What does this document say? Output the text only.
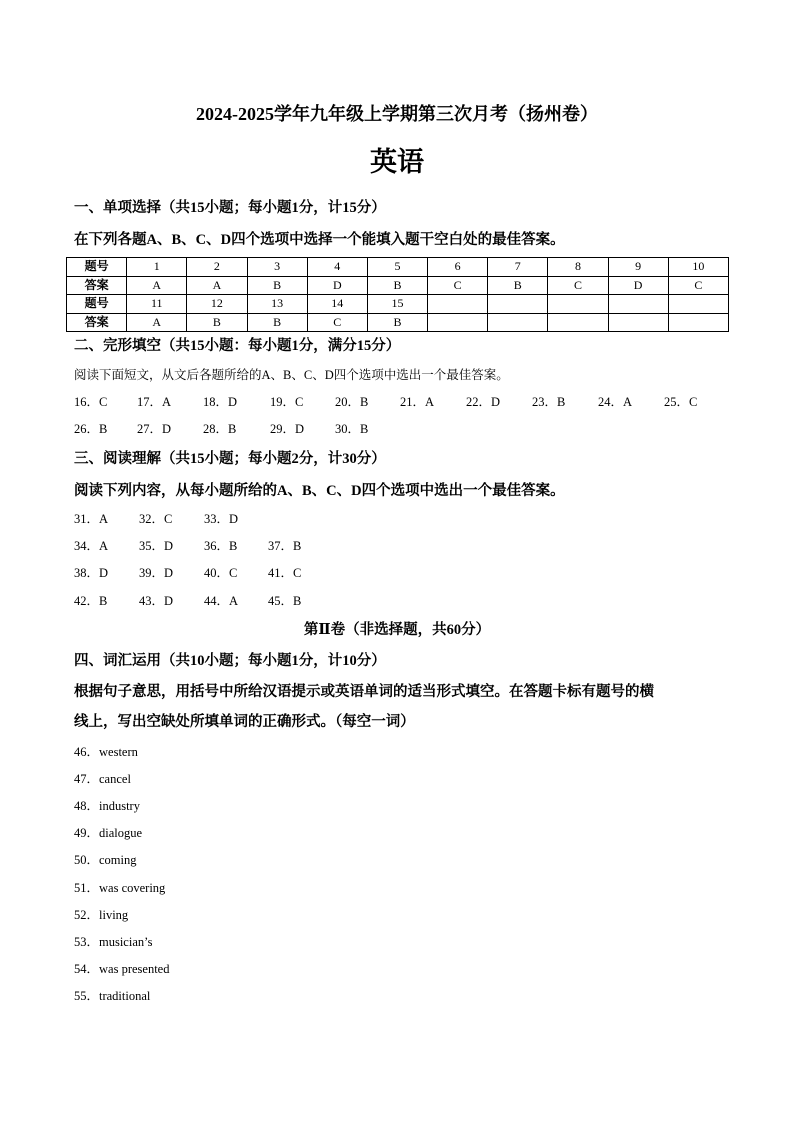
2024-2025学年九年级上学期第三次月考（扬州卷）
英语
一、单项选择（共15小题；每小题1分，计15分）
在下列各题A、B、C、D四个选项中选择一个能填入题干空白处的最佳答案。
题号	1	2	3	4	5	6	7	8	9	10
答案	A	A	B	D	B	C	B	C	D	C
题号	11	12	13	14	15					
答案	A	B	B	C	B					
二、完形填空（共15小题：每小题1分，满分15分）
阅读下面短文，从文后各题所给的A、B、C、D四个选项中选出一个最佳答案。
16．C 17．A	18．D	19．C	20．B	21．A	22．D	23．B	24．A	25．C
26．B 27．D	28．B	29．D 30．B
三、阅读理解（共15小题；每小题2分，计30分）
阅读下列内容，从每小题所给的A、B、C、D四个选项中选出一个最佳答案。
31．A 32．C	33．D
34．A 35．D 36．B 37．B
38．D 39．D 40．C 41．C
42．B	43．D 44．A 45．B
第Ⅱ卷（非选择题，共60分）
四、词汇运用（共10小题；每小题1分，计10分）
根据句子意思，用括号中所给汉语提示或英语单词的适当形式填空。在答题卡标有题号的横
线上，写出空缺处所填单词的正确形式。（每空一词）
46．western
47．cancel
48．industry
49．dialogue
50．coming
51．was covering
52．living
53．musician’s
54．was presented
55．traditional
